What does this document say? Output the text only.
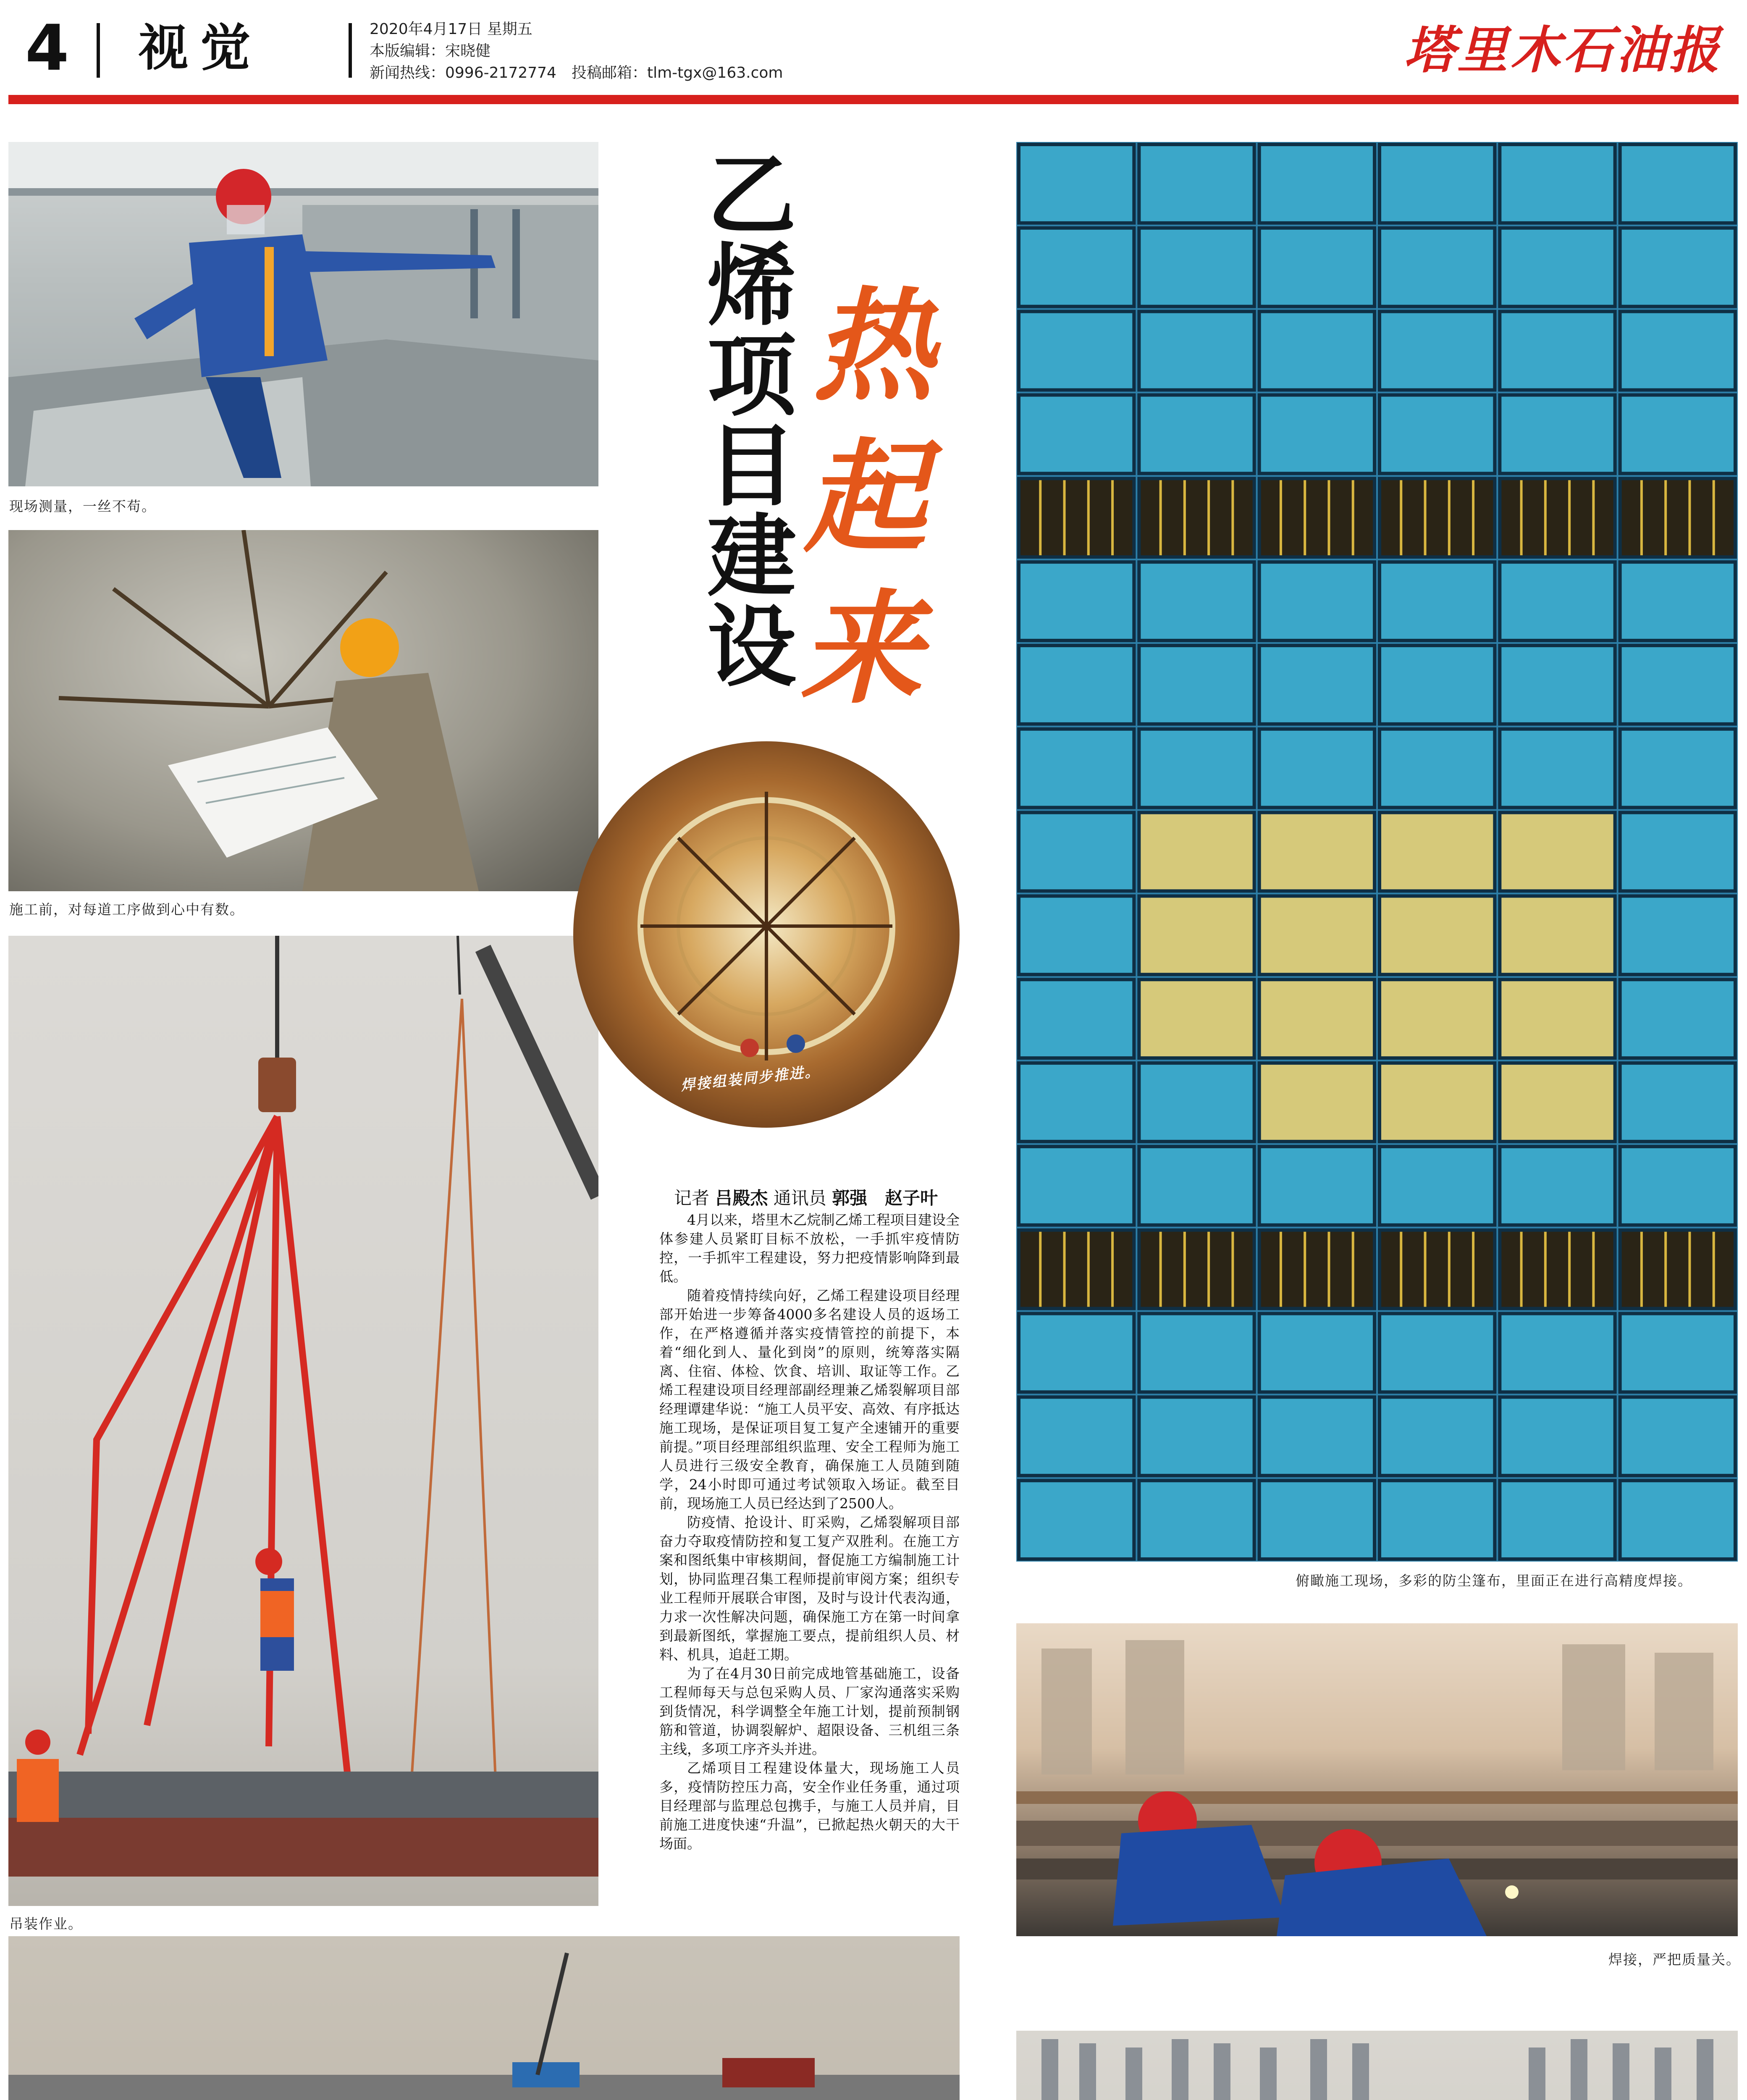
4 视觉	2020年4月17日 星期五
本版编辑：宋晓健
新闻热线：0996-2172774　 投稿邮箱：tlm-tgx@163.com	塔里木石油报
现场测量，一丝不苟。
施工前，对每道工序做到心中有数。
吊装作业。
乙
烯
项
目
建
设
热
起
来
焊接组装同步推进。
记者 吕殿杰 通讯员 郭强　赵子叶

4月以来，塔里木乙烷制乙烯工程项目建设全体参建人员紧盯目标不放松，一手抓牢疫情防控，一手抓牢工程建设，努力把疫情影响降到最低。

随着疫情持续向好，乙烯工程建设项目经理部开始进一步筹备4000多名建设人员的返场工作，在严格遵循并落实疫情管控的前提下，本着“细化到人、量化到岗”的原则，统筹落实隔离、住宿、体检、饮食、培训、取证等工作。乙烯工程建设项目经理部副经理兼乙烯裂解项目部经理谭建华说：“施工人员平安、高效、有序抵达施工现场，是保证项目复工复产全速铺开的重要前提。”项目经理部组织监理、安全工程师为施工人员进行三级安全教育，确保施工人员随到随学，24小时即可通过考试领取入场证。截至目前，现场施工人员已经达到了2500人。

防疫情、抢设计、盯采购，乙烯裂解项目部奋力夺取疫情防控和复工复产双胜利。在施工方案和图纸集中审核期间，督促施工方编制施工计划，协同监理召集工程师提前审阅方案；组织专业工程师开展联合审图，及时与设计代表沟通，力求一次性解决问题，确保施工方在第一时间拿到最新图纸，掌握施工要点，提前组织人员、材料、机具，追赶工期。

为了在4月30日前完成地管基础施工，设备工程师每天与总包采购人员、厂家沟通落实采购到货情况，科学调整全年施工计划，提前预制钢筋和管道，协调裂解炉、超限设备、三机组三条主线，多项工序齐头并进。

乙烯项目工程建设体量大，现场施工人员多，疫情防控压力高，安全作业任务重，通过项目经理部与监理总包携手，与施工人员并肩，目前施工进度快速“升温”，已掀起热火朝天的大干场面。

俯瞰施工现场，多彩的防尘篷布，里面正在进行高精度焊接。
焊接，严把质量关。
